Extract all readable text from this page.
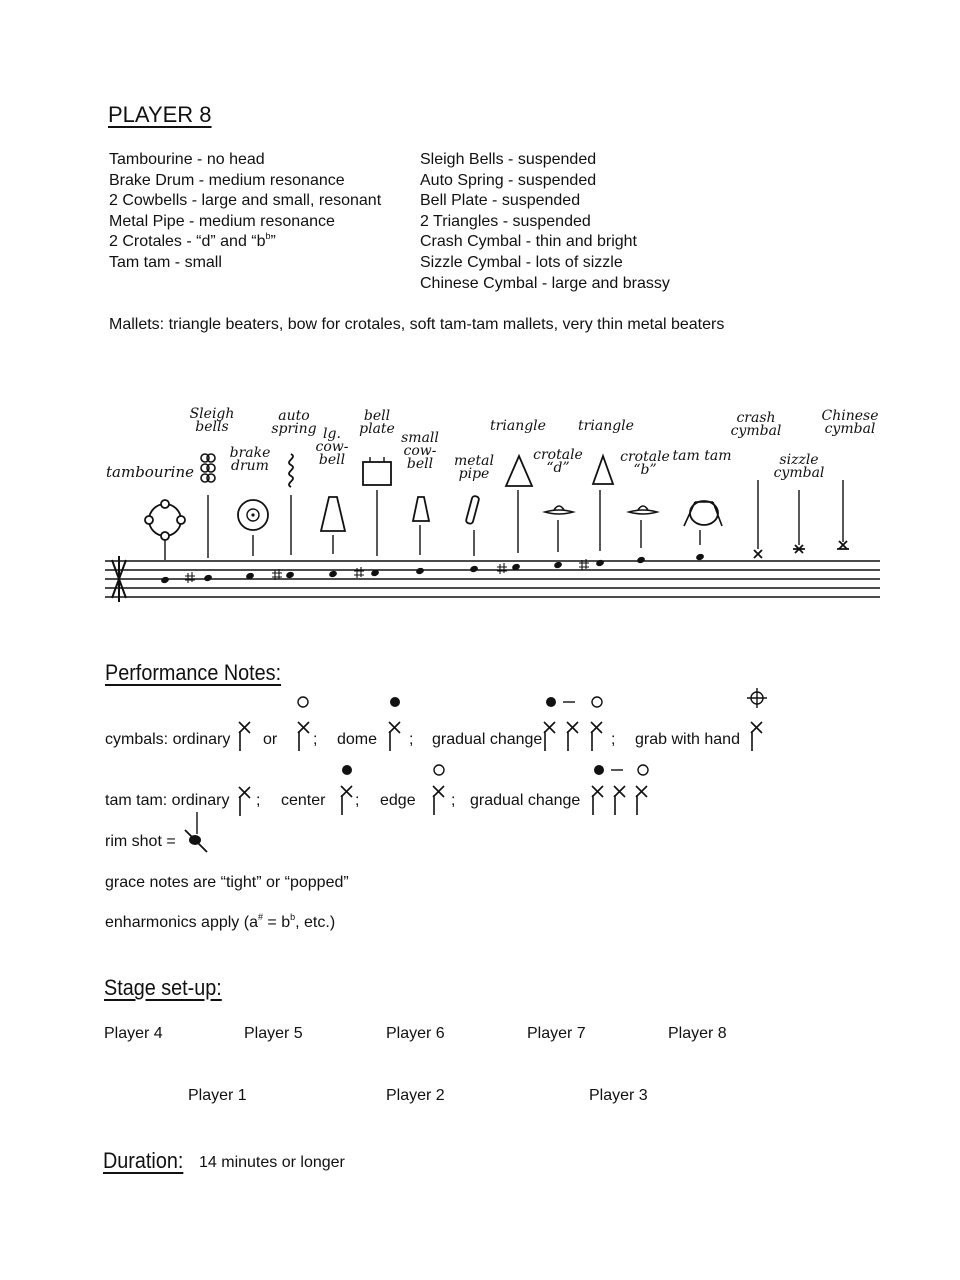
PLAYER 8
Tambourine - no head
Brake Drum - medium resonance
2 Cowbells - large and small, resonant
Metal Pipe - medium resonance
2 Crotales - “d” and “$b^b$”
Tam tam - small
Sleigh Bells - suspended
Auto Spring - suspended
Bell Plate - suspended
2 Triangles - suspended
Crash Cymbal - thin and bright
Sizzle Cymbal - lots of sizzle
Chinese Cymbal - large and brassy
Mallets: triangle beaters, bow for crotales, soft tam-tam mallets, very thin metal beaters
tambourine
Sleigh
bells
brake
drum
auto
spring lg.
cow-
bell
bell
plate
small
cow-
bell	metal
pipe
triangle
crotale
“d”
triangle
crotale
“b”
tam tam
crash
cymbal
sizzle
cymbal
Chinese
cymbal
Performance Notes:
cymbals: ordinary or ; dome ; gradual change	; grab with hand
tam tam: ordinary ; center ; edge ; gradual change
rim shot =
grace notes are “tight” or “popped”
enharmonics apply ($a^{\#} = b^b$, etc.)
Stage set-up:
Player 4	Player 5	Player 6	Player 7	Player 8
Player 1	Player 2	Player 3
Duration: 14 minutes or longer
